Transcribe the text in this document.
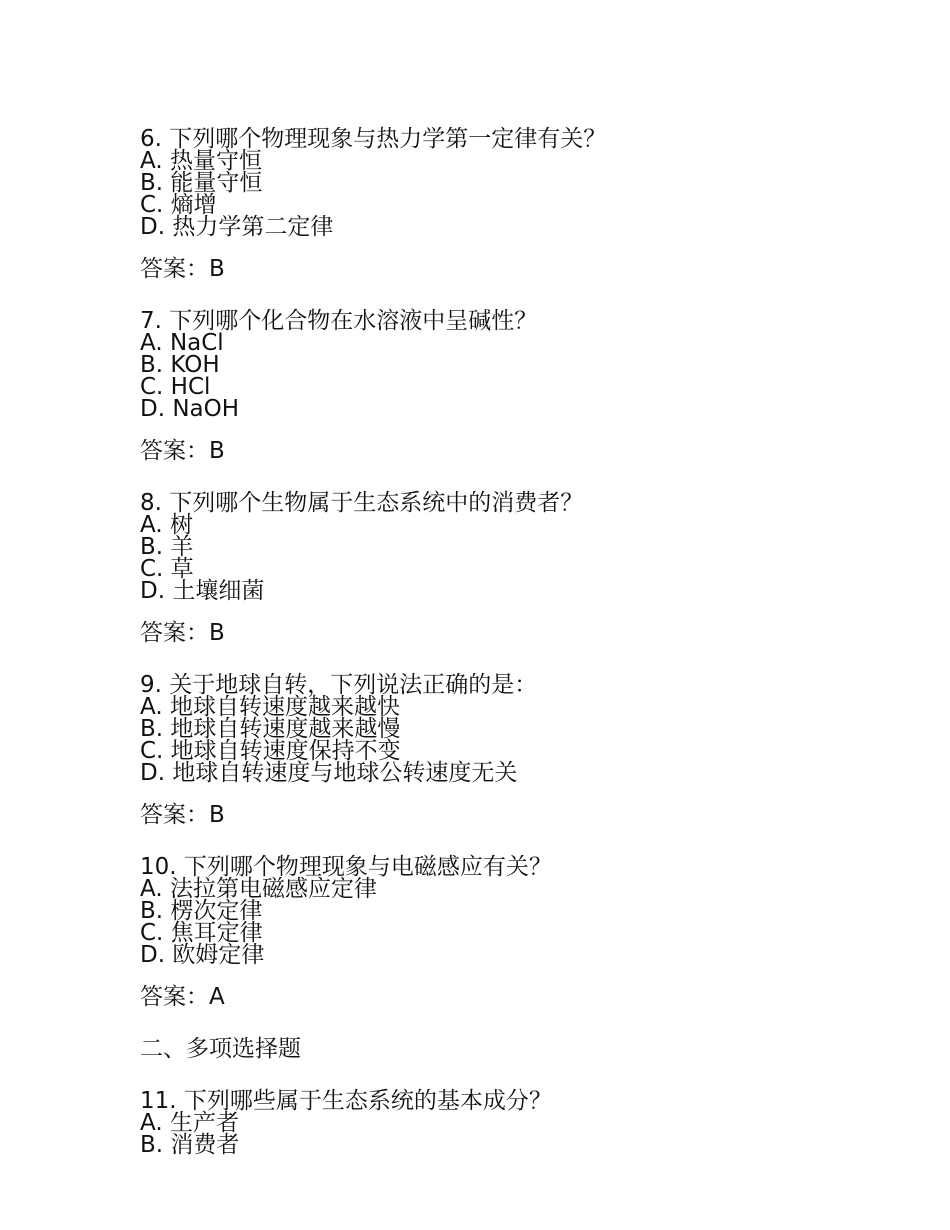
6. 下列哪个物理现象与热力学第一定律有关？
A. 热量守恒
B. 能量守恒
C. 熵增
D. 热力学第二定律
答案：B
7. 下列哪个化合物在水溶液中呈碱性？
A. NaCl
B. KOH
C. HCl
D. NaOH
答案：B
8. 下列哪个生物属于生态系统中的消费者？
A. 树
B. 羊
C. 草
D. 土壤细菌
答案：B
9. 关于地球自转，下列说法正确的是：
A. 地球自转速度越来越快
B. 地球自转速度越来越慢
C. 地球自转速度保持不变
D. 地球自转速度与地球公转速度无关
答案：B
10. 下列哪个物理现象与电磁感应有关？
A. 法拉第电磁感应定律
B. 楞次定律
C. 焦耳定律
D. 欧姆定律
答案：A
二、多项选择题
11. 下列哪些属于生态系统的基本成分？
A. 生产者
B. 消费者
